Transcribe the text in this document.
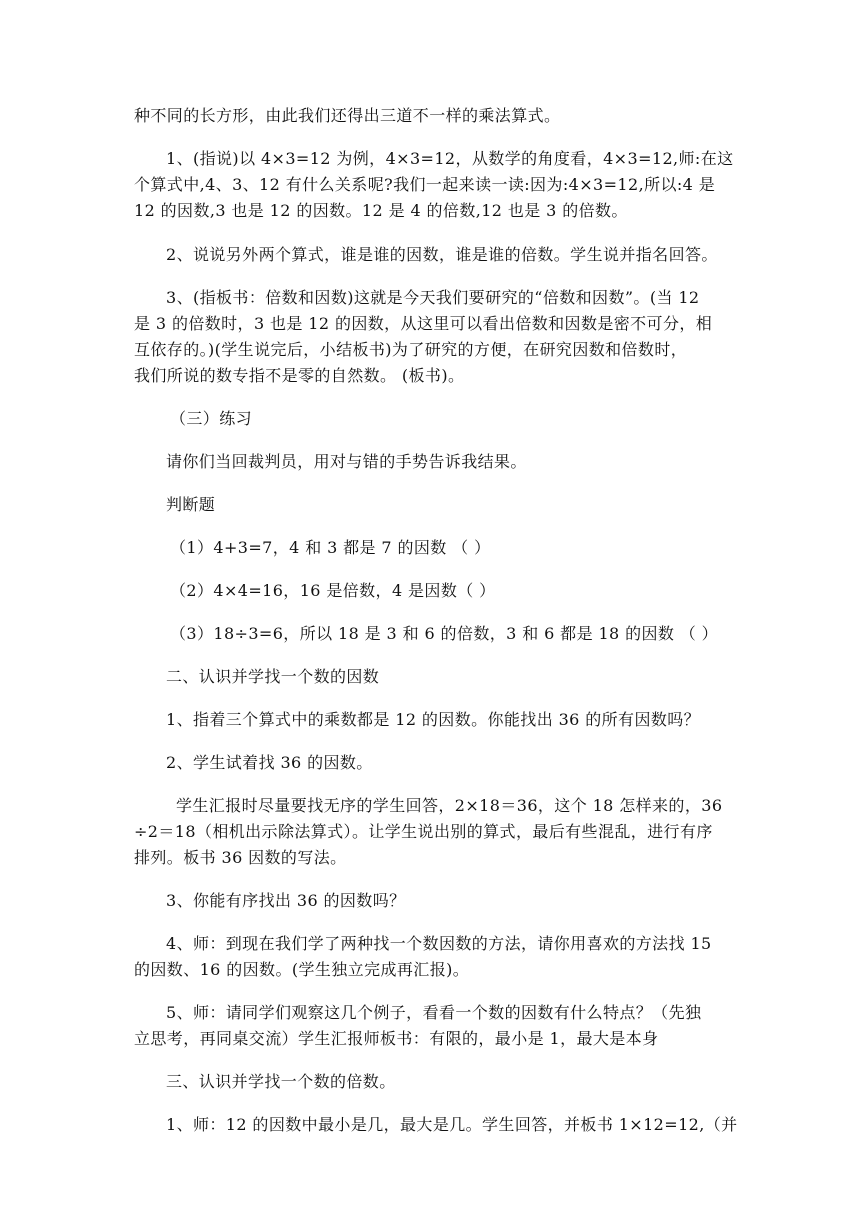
种不同的长方形，由此我们还得出三道不一样的乘法算式。
1、(指说)以 4×3=12 为例，4×3=12，从数学的角度看，4×3=12,师:在这
个算式中,4、3、12 有什么关系呢?我们一起来读一读:因为:4×3=12,所以:4 是
12 的因数,3 也是 12 的因数。12 是 4 的倍数,12 也是 3 的倍数。
2、说说另外两个算式，谁是谁的因数，谁是谁的倍数。学生说并指名回答。
3、(指板书：倍数和因数)这就是今天我们要研究的“倍数和因数”。(当 12
是 3 的倍数时，3 也是 12 的因数，从这里可以看出倍数和因数是密不可分，相
互依存的。)(学生说完后，小结板书)为了研究的方便，在研究因数和倍数时，
我们所说的数专指不是零的自然数。 (板书)。
（三）练习
请你们当回裁判员，用对与错的手势告诉我结果。
判断题
（1）4+3=7，4 和 3 都是 7 的因数 （ ）
（2）4×4=16，16 是倍数，4 是因数（ ）
（3）18÷3=6，所以 18 是 3 和 6 的倍数，3 和 6 都是 18 的因数 （ ）
二、认识并学找一个数的因数
1、指着三个算式中的乘数都是 12 的因数。你能找出 36 的所有因数吗？
2、学生试着找 36 的因数。
学生汇报时尽量要找无序的学生回答，2×18＝36，这个 18 怎样来的，36
÷2＝18（相机出示除法算式）。让学生说出别的算式，最后有些混乱，进行有序
排列。板书 36 因数的写法。
3、你能有序找出 36 的因数吗？
4、师：到现在我们学了两种找一个数因数的方法，请你用喜欢的方法找 15
的因数、16 的因数。(学生独立完成再汇报)。
5、师：请同学们观察这几个例子，看看一个数的因数有什么特点？（先独
立思考，再同桌交流）学生汇报师板书：有限的，最小是 1，最大是本身
三、认识并学找一个数的倍数。
1、师：12 的因数中最小是几，最大是几。学生回答，并板书 1×12=12,（并
